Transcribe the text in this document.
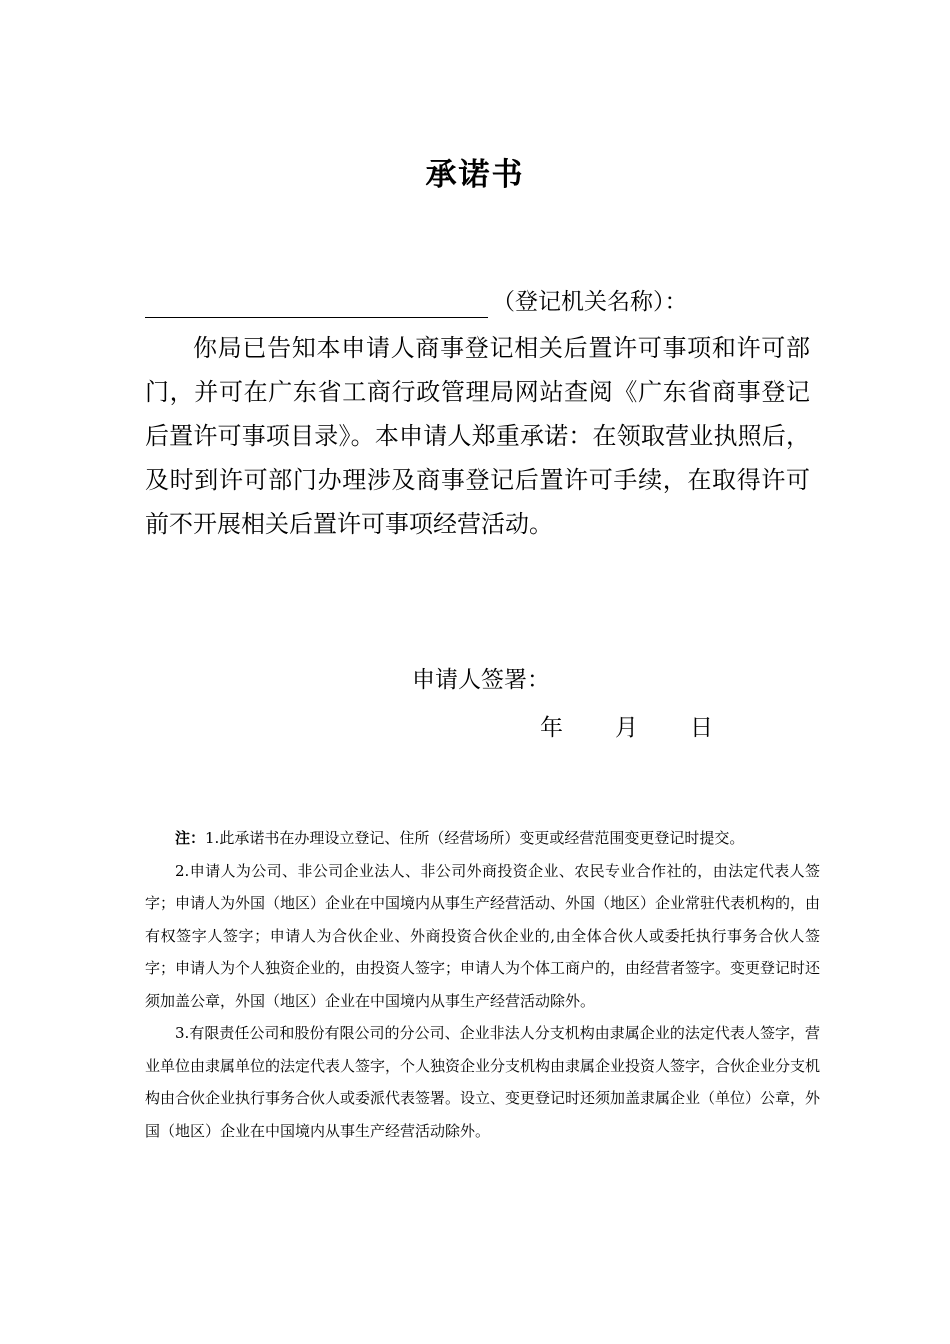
承诺书
（登记机关名称）：

你局已告知本申请人商事登记相关后置许可事项和许可部门，并可在广东省工商行政管理局网站查阅《广东省商事登记后置许可事项目录》。本申请人郑重承诺：在领取营业执照后，及时到许可部门办理涉及商事登记后置许可手续，在取得许可前不开展相关后置许可事项经营活动。

申请人签署：
年 月 日

注：1.此承诺书在办理设立登记、住所（经营场所）变更或经营范围变更登记时提交。

2.申请人为公司、非公司企业法人、非公司外商投资企业、农民专业合作社的，由法定代表人签字；申请人为外国（地区）企业在中国境内从事生产经营活动、外国（地区）企业常驻代表机构的，由有权签字人签字；申请人为合伙企业、外商投资合伙企业的,由全体合伙人或委托执行事务合伙人签字；申请人为个人独资企业的，由投资人签字；申请人为个体工商户的，由经营者签字。变更登记时还须加盖公章，外国（地区）企业在中国境内从事生产经营活动除外。

3.有限责任公司和股份有限公司的分公司、企业非法人分支机构由隶属企业的法定代表人签字，营业单位由隶属单位的法定代表人签字，个人独资企业分支机构由隶属企业投资人签字，合伙企业分支机构由合伙企业执行事务合伙人或委派代表签署。设立、变更登记时还须加盖隶属企业（单位）公章，外国（地区）企业在中国境内从事生产经营活动除外。
